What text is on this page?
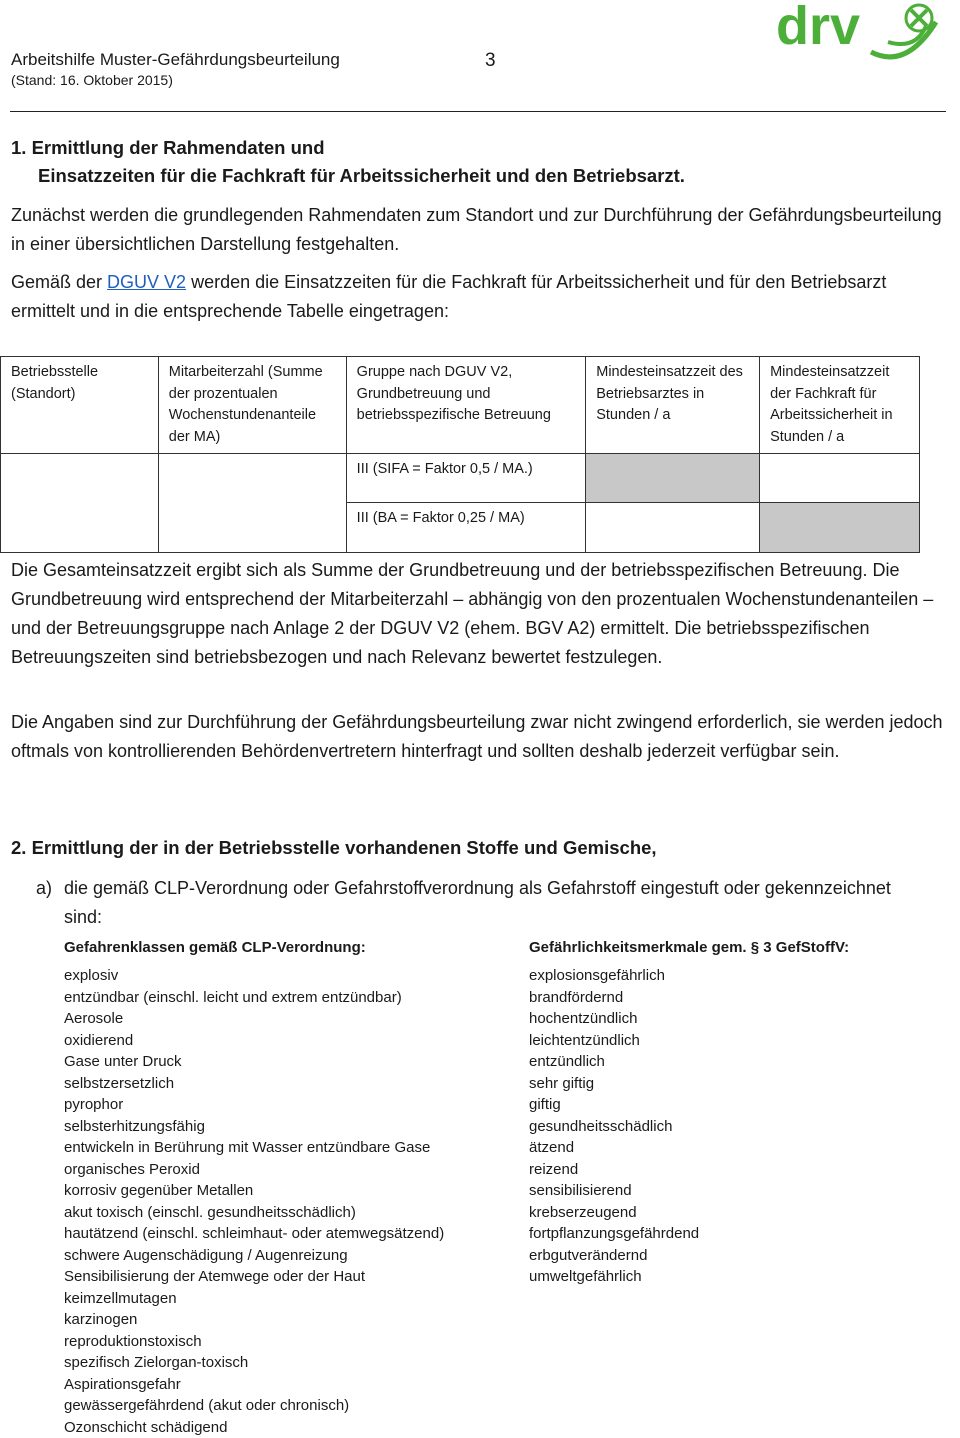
Arbeitshilfe Muster-Gefährdungsbeurteilung
(Stand: 16. Oktober 2015)
3
drv
1. Ermittlung der Rahmendaten und
Einsatzzeiten für die Fachkraft für Arbeitssicherheit und den Betriebsarzt.
Zunächst werden die grundlegenden Rahmendaten zum Standort und zur Durchführung der Gefährdungsbeurteilung in einer übersichtlichen Darstellung festgehalten.
Gemäß der DGUV V2 werden die Einsatzzeiten für die Fachkraft für Arbeitssicherheit und für den Betriebsarzt ermittelt und in die entsprechende Tabelle eingetragen:
Betriebsstelle (Standort)	Mitarbeiterzahl (Summe der prozentualen Wochenstundenanteile der MA)	Gruppe nach DGUV V2, Grundbetreuung und betriebsspezifische Betreuung	Mindesteinsatzzeit des Betriebsarztes in Stunden / a	Mindesteinsatzzeit der Fachkraft für Arbeitssicherheit in Stunden / a
		III (SIFA = Faktor 0,5 / MA.)		
		III (BA = Faktor 0,25 / MA)		
Die Gesamteinsatzzeit ergibt sich als Summe der Grundbetreuung und der betriebsspezifischen Betreuung. Die Grundbetreuung wird entsprechend der Mitarbeiterzahl – abhängig von den prozentualen Wochenstundenanteilen – und der Betreuungsgruppe nach Anlage 2 der DGUV V2 (ehem. BGV A2) ermittelt. Die betriebsspezifischen Betreuungszeiten sind betriebsbezogen und nach Relevanz bewertet festzulegen.
Die Angaben sind zur Durchführung der Gefährdungsbeurteilung zwar nicht zwingend erforderlich, sie werden jedoch oftmals von kontrollierenden Behördenvertretern hinterfragt und sollten deshalb jederzeit verfügbar sein.
2. Ermittlung der in der Betriebsstelle vorhandenen Stoffe und Gemische,
a) die gemäß CLP-Verordnung oder Gefahrstoffverordnung als Gefahrstoff eingestuft oder gekennzeichnet sind:
Gefahrenklassen gemäß CLP-Verordnung:	Gefährlichkeitsmerkmale gem. § 3 GefStoffV:
explosiv
entzündbar (einschl. leicht und extrem entzündbar)
Aerosole
oxidierend
Gase unter Druck
selbstzersetzlich
pyrophor
selbsterhitzungsfähig
entwickeln in Berührung mit Wasser entzündbare Gase
organisches Peroxid
korrosiv gegenüber Metallen
akut toxisch (einschl. gesundheitsschädlich)
hautätzend (einschl. schleimhaut- oder atemwegsätzend)
schwere Augenschädigung / Augenreizung
Sensibilisierung der Atemwege oder der Haut
keimzellmutagen
karzinogen
reproduktionstoxisch
spezifisch Zielorgan-toxisch
Aspirationsgefahr
gewässergefährdend (akut oder chronisch)
Ozonschicht schädigend
explosionsgefährlich
brandfördernd
hochentzündlich
leichtentzündlich
entzündlich
sehr giftig
giftig
gesundheitsschädlich
ätzend
reizend
sensibilisierend
krebserzeugend
fortpflanzungsgefährdend
erbgutverändernd
umweltgefährlich
